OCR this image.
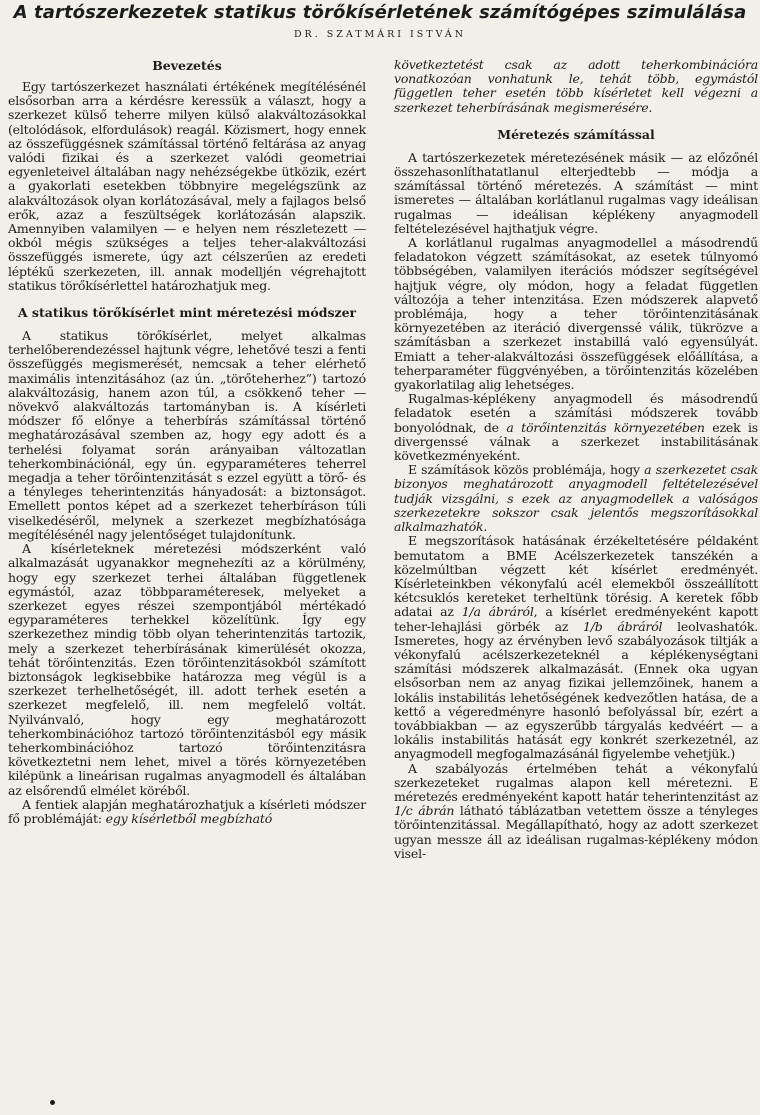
A tartószerkezetek statikus törőkísérletének számítógépes szimulálása
DR. SZATMÁRI ISTVÁN
Bevezetés

Egy tartószerkezet használati értékének megítélésénél elsősorban arra a kérdésre keressük a választ, hogy a szerkezet külső teherre milyen külső alakváltozásokkal (eltolódások, elfordulások) reagál. Közismert, hogy ennek az összefüggésnek számítással történő feltárása az anyag valódi fizikai és a szerkezet valódi geometriai egyenleteivel általában nagy nehézségekbe ütközik, ezért a gyakorlati esetekben többnyire megelégszünk az alakváltozások olyan korlátozásával, mely a fajlagos belső erők, azaz a feszültségek korlátozásán alapszik. Amennyiben valamilyen — e helyen nem részletezett — okból mégis szükséges a teljes teher-alakváltozási összefüggés ismerete, úgy azt célszerűen az eredeti léptékű szerkezeten, ill. annak modelljén végrehajtott statikus törőkísérlettel határozhatjuk meg.

A statikus törőkísérlet mint méretezési módszer

A statikus törőkísérlet, melyet alkalmas terhelőberendezéssel hajtunk végre, lehetővé teszi a fenti összefüggés megismerését, nemcsak a teher elérhető maximális intenzitásához (az ún. „törőteherhez”) tartozó alakváltozásig, hanem azon túl, a csökkenő teher — növekvő alakváltozás tartományban is. A kísérleti módszer fő előnye a teherbírás számítással történő meghatározásával szemben az, hogy egy adott és a terhelési folyamat során arányaiban változatlan teherkombinációnál, egy ún. egyparaméteres teherrel megadja a teher törőintenzitását s ezzel együtt a törő- és a tényleges teherintenzitás hányadosát: a biztonságot. Emellett pontos képet ad a szerkezet teherbíráson túli viselkedéséről, melynek a szerkezet megbízhatósága megítélésénél nagy jelentőséget tulajdonítunk.

A kísérleteknek méretezési módszerként való alkalmazását ugyanakkor megnehezíti az a körülmény, hogy egy szerkezet terhei általában függetlenek egymástól, azaz többparaméteresek, melyeket a szerkezet egyes részei szempontjából mértékadó egyparaméteres terhekkel közelítünk. Így egy szerkezethez mindig több olyan teherintenzitás tartozik, mely a szerkezet teherbírásának kimerülését okozza, tehát törőintenzitás. Ezen törőintenzitásokból számított biztonságok legkisebbike határozza meg végül is a szerkezet terhelhetőségét, ill. adott terhek esetén a szerkezet megfelelő, ill. nem megfelelő voltát. Nyilvánvaló, hogy egy meghatározott teherkombinációhoz tartozó törőintenzitásból egy másik teherkombinációhoz tartozó törőintenzitásra következtetni nem lehet, mivel a törés környezetében kilépünk a lineárisan rugalmas anyagmodell és általában az elsőrendű elmélet köréből.

A fentiek alapján meghatározhatjuk a kísérleti módszer fő problémáját: egy kísérletből megbízható

következtetést csak az adott teherkombinációra vonatkozóan vonhatunk le, tehát több, egymástól független teher esetén több kísérletet kell végezni a szerkezet teherbírásának megismerésére.

Méretezés számítással

A tartószerkezetek méretezésének másik — az előzőnél összehasonlíthatatlanul elterjedtebb — módja a számítással történő méretezés. A számítást — mint ismeretes — általában korlátlanul rugalmas vagy ideálisan rugalmas — ideálisan képlékeny anyagmodell feltételezésével hajthatjuk végre.

A korlátlanul rugalmas anyagmodellel a másodrendű feladatokon végzett számításokat, az esetek túlnyomó többségében, valamilyen iterációs módszer segítségével hajtjuk végre, oly módon, hogy a feladat független változója a teher intenzitása. Ezen módszerek alapvető problémája, hogy a teher törőintenzitásának környezetében az iteráció divergenssé válik, tükrözve a számításban a szerkezet instabillá való egyensúlyát. Emiatt a teher-alakváltozási összefüggések előállítása, a teherparaméter függvényében, a törőintenzitás közelében gyakorlatilag alig lehetséges.

Rugalmas-képlékeny anyagmodell és másodrendű feladatok esetén a számítási módszerek tovább bonyolódnak, de a törőintenzitás környezetében ezek is divergenssé válnak a szerkezet instabilitásának következményeként.

E számítások közös problémája, hogy a szerkezetet csak bizonyos meghatározott anyagmodell feltételezésével tudják vizsgálni, s ezek az anyagmodellek a valóságos szerkezetekre sokszor csak jelentős megszorításokkal alkalmazhatók.

E megszorítások hatásának érzékeltetésére példaként bemutatom a BME Acélszerkezetek tanszékén a közelmúltban végzett két kísérlet eredményét. Kísérleteinkben vékonyfalú acél elemekből összeállított kétcsuklós kereteket terheltünk törésig. A keretek főbb adatai az 1/a ábráról, a kísérlet eredményeként kapott teher-lehajlási görbék az 1/b ábráról leolvashatók. Ismeretes, hogy az érvényben levő szabályozások tiltják a vékonyfalú acélszerkezeteknél a képlékenységtani számítási módszerek alkalmazását. (Ennek oka ugyan elsősorban nem az anyag fizikai jellemzőinek, hanem a lokális instabilitás lehetőségének kedvezőtlen hatása, de a kettő a végeredményre hasonló befolyással bír, ezért a továbbiakban — az egyszerűbb tárgyalás kedvéért — a lokális instabilitás hatását egy konkrét szerkezetnél, az anyagmodell megfogalmazásánál figyelembe vehetjük.)

A szabályozás értelmében tehát a vékonyfalú szerkezeteket rugalmas alapon kell méretezni. E méretezés eredményeként kapott határ teherintenzitást az 1/c ábrán látható táblázatban vetettem össze a tényleges törőintenzitással. Megállapítható, hogy az adott szerkezet ugyan messze áll az ideálisan rugalmas-képlékeny módon visel-
